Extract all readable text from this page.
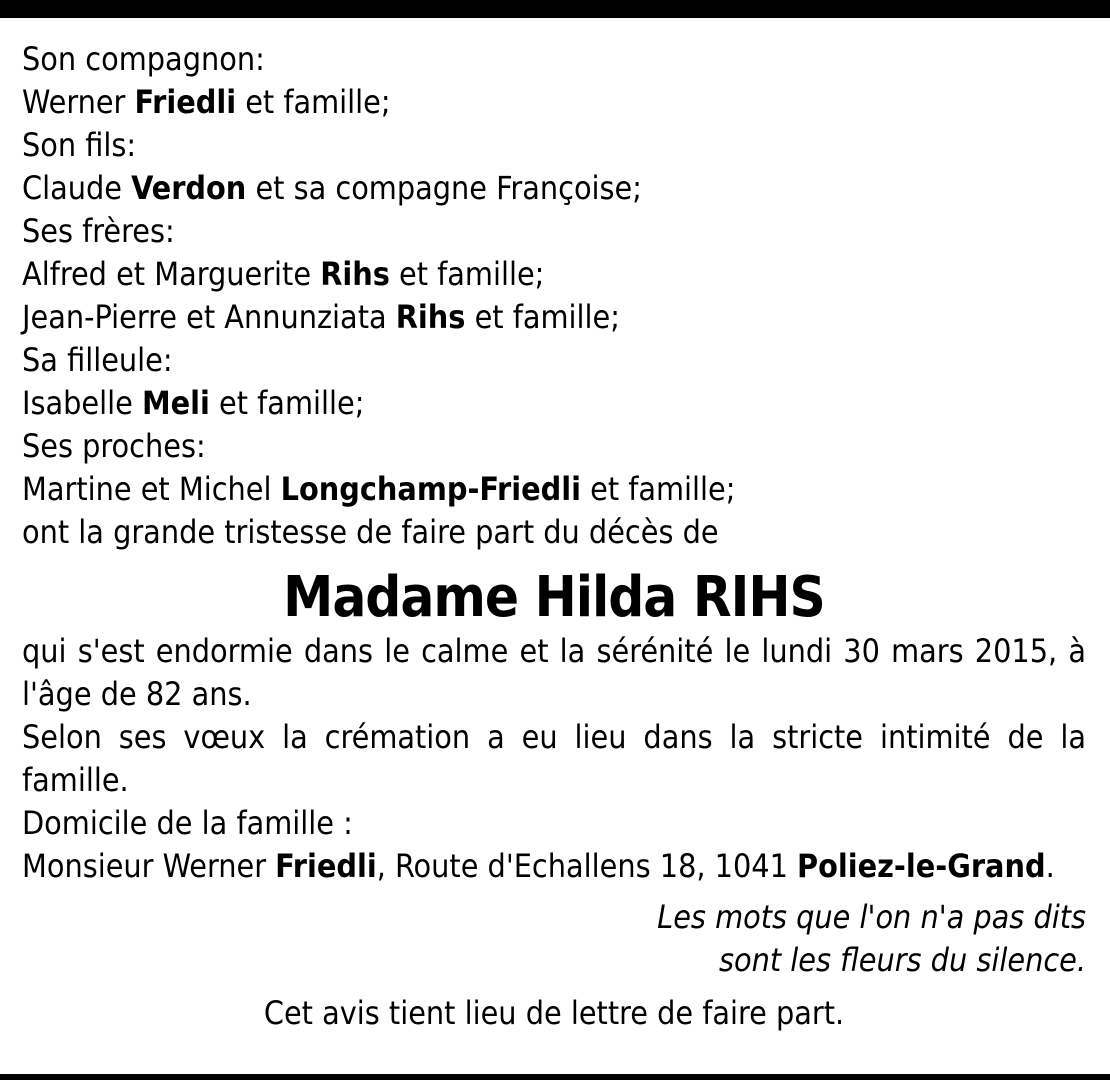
Son compagnon:

Werner Friedli et famille;

Son fils:

Claude Verdon et sa compagne Françoise;

Ses frères:

Alfred et Marguerite Rihs et famille;

Jean-Pierre et Annunziata Rihs et famille;

Sa filleule:

Isabelle Meli et famille;

Ses proches:

Martine et Michel Longchamp-Friedli et famille;

ont la grande tristesse de faire part du décès de

Madame Hilda RIHS

qui s'est endormie dans le calme et la sérénité le lundi 30 mars 2015, à l'âge de 82 ans.

Selon ses vœux la crémation a eu lieu dans la stricte intimité de la famille.

Domicile de la famille :

Monsieur Werner Friedli, Route d'Echallens 18, 1041 Poliez-le-Grand.

Les mots que l'on n'a pas dits

sont les fleurs du silence.

Cet avis tient lieu de lettre de faire part.
